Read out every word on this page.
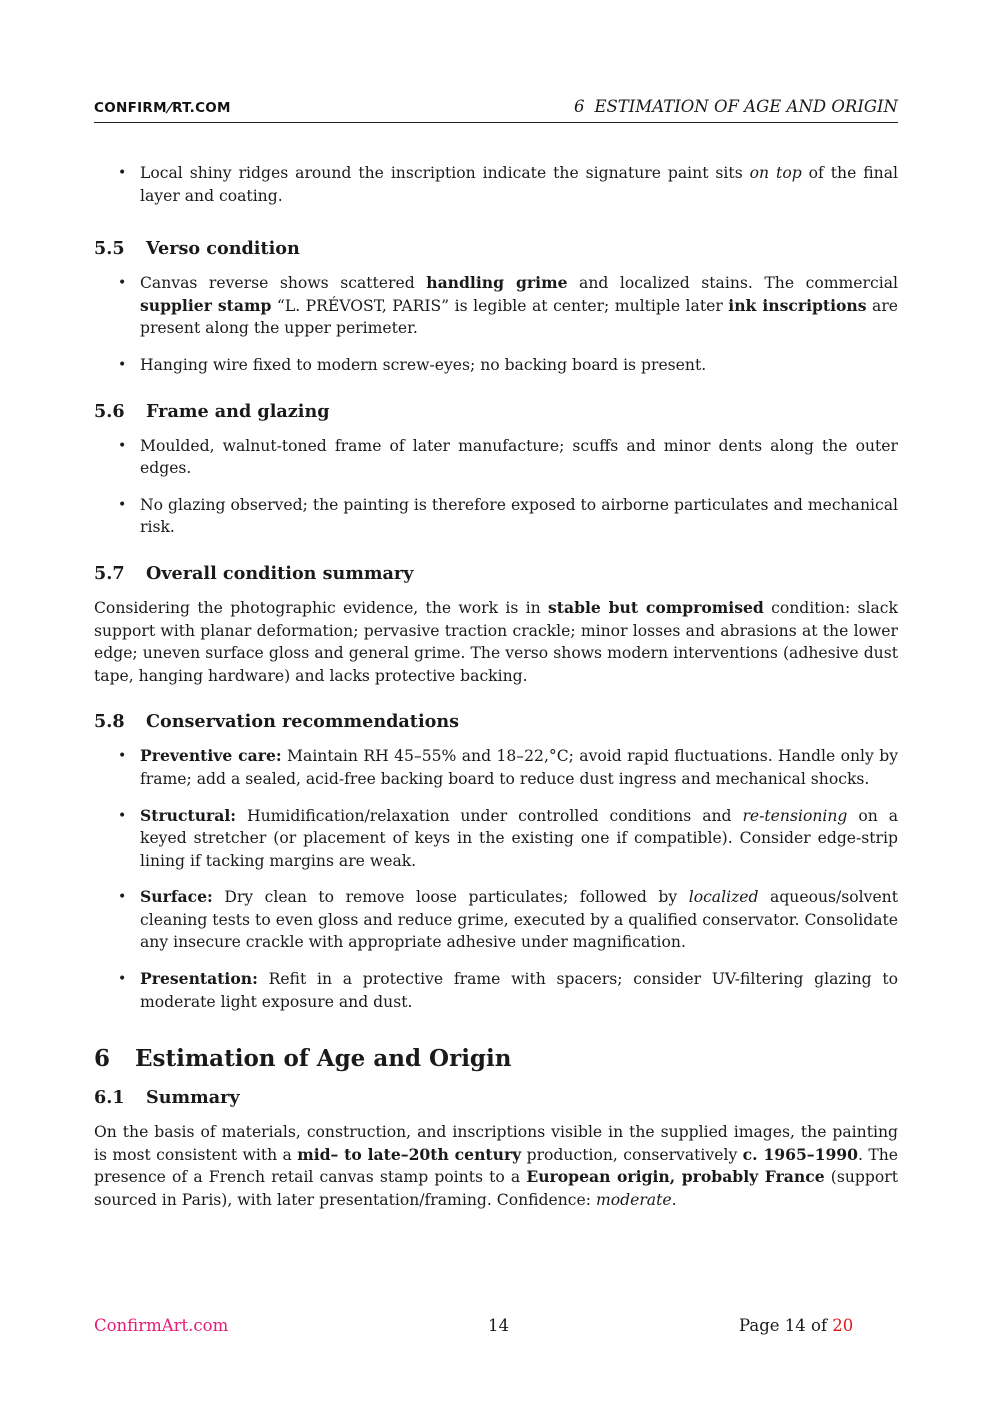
CONFIRM/RT.COM	6 ESTIMATION OF AGE AND ORIGIN
• Local shiny ridges around the inscription indicate the signature paint sits on top of the final layer and coating.
5.5 Verso condition
• Canvas reverse shows scattered handling grime and localized stains. The commercial supplier stamp “L. PRÉVOST, PARIS” is legible at center; multiple later ink inscriptions are present along the upper perimeter.
• Hanging wire fixed to modern screw-eyes; no backing board is present.
5.6 Frame and glazing
• Moulded, walnut-toned frame of later manufacture; scuffs and minor dents along the outer edges.
• No glazing observed; the painting is therefore exposed to airborne particulates and mechanical risk.
5.7 Overall condition summary

Considering the photographic evidence, the work is in stable but compromised condition: slack support with planar deformation; pervasive traction crackle; minor losses and abrasions at the lower edge; uneven surface gloss and general grime. The verso shows modern interventions (adhesive dust tape, hanging hardware) and lacks protective backing.

5.8 Conservation recommendations
• Preventive care: Maintain RH 45–55% and 18–22,°C; avoid rapid fluctuations. Handle only by frame; add a sealed, acid-free backing board to reduce dust ingress and mechanical shocks.
• Structural: Humidification/relaxation under controlled conditions and re-tensioning on a keyed stretcher (or placement of keys in the existing one if compatible). Consider edge-strip lining if tacking margins are weak.
• Surface: Dry clean to remove loose particulates; followed by localized aqueous/solvent cleaning tests to even gloss and reduce grime, executed by a qualified conservator. Consolidate any insecure crackle with appropriate adhesive under magnification.
• Presentation: Refit in a protective frame with spacers; consider UV-filtering glazing to moderate light exposure and dust.
6 Estimation of Age and Origin
6.1 Summary

On the basis of materials, construction, and inscriptions visible in the supplied images, the painting is most consistent with a mid– to late–20th century production, conservatively c. 1965–1990. The presence of a French retail canvas stamp points to a European origin, probably France (support sourced in Paris), with later presentation/framing. Confidence: moderate.

ConfirmArt.com	14	Page 14 of 20
